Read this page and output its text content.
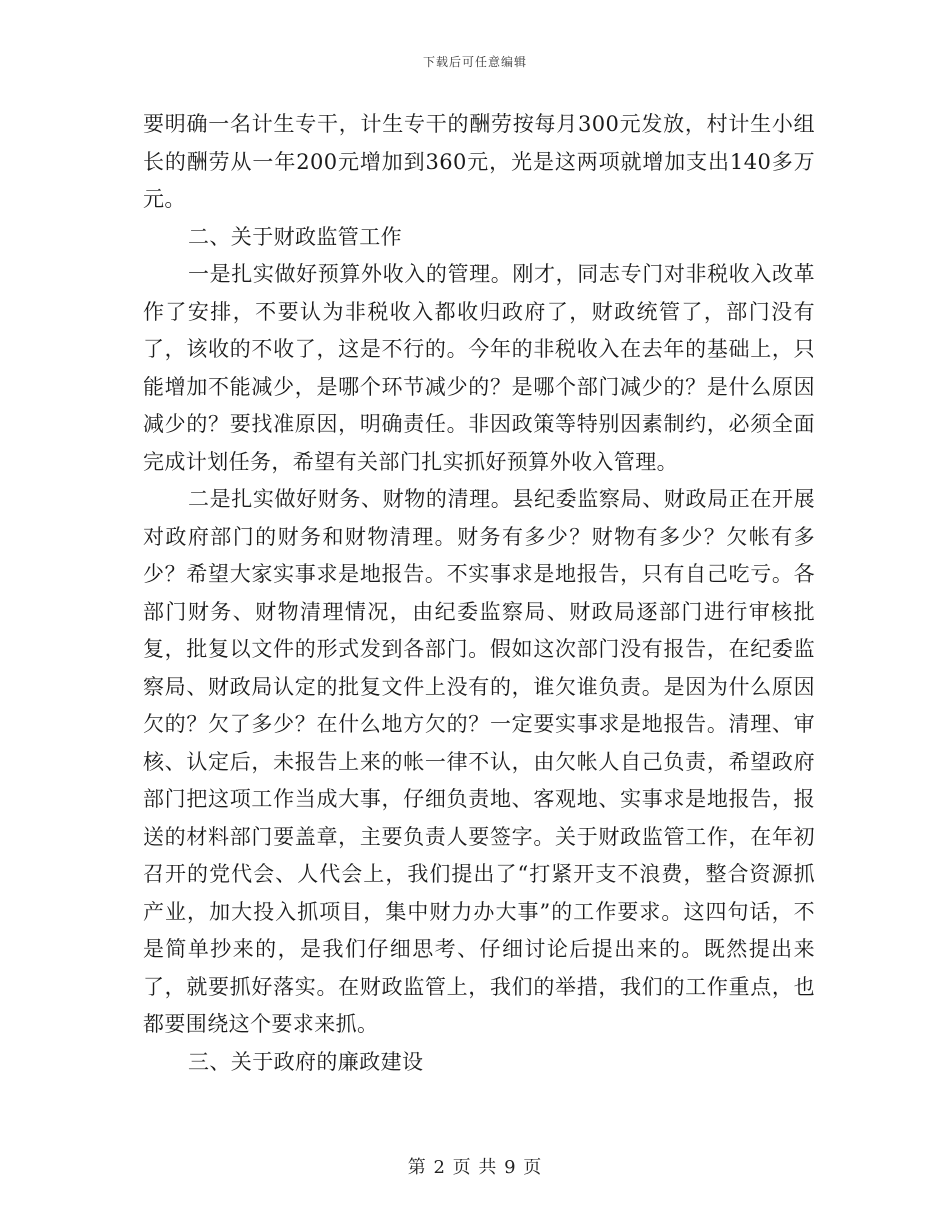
下载后可任意编辑

要明确一名计生专干，计生专干的酬劳按每月300元发放，村计生小组长的酬劳从一年200元增加到360元，光是这两项就增加支出140多万元。

二、关于财政监管工作

一是扎实做好预算外收入的管理。刚才，同志专门对非税收入改革作了安排，不要认为非税收入都收归政府了，财政统管了，部门没有了，该收的不收了，这是不行的。今年的非税收入在去年的基础上，只能增加不能减少，是哪个环节减少的？是哪个部门减少的？是什么原因减少的？要找准原因，明确责任。非因政策等特别因素制约，必须全面完成计划任务，希望有关部门扎实抓好预算外收入管理。

二是扎实做好财务、财物的清理。县纪委监察局、财政局正在开展对政府部门的财务和财物清理。财务有多少？财物有多少？欠帐有多少？希望大家实事求是地报告。不实事求是地报告，只有自己吃亏。各部门财务、财物清理情况，由纪委监察局、财政局逐部门进行审核批复，批复以文件的形式发到各部门。假如这次部门没有报告，在纪委监察局、财政局认定的批复文件上没有的，谁欠谁负责。是因为什么原因欠的？欠了多少？在什么地方欠的？一定要实事求是地报告。清理、审核、认定后，未报告上来的帐一律不认，由欠帐人自己负责，希望政府部门把这项工作当成大事，仔细负责地、客观地、实事求是地报告，报送的材料部门要盖章，主要负责人要签字。关于财政监管工作，在年初召开的党代会、人代会上，我们提出了“打紧开支不浪费，整合资源抓产业，加大投入抓项目，集中财力办大事”的工作要求。这四句话，不是简单抄来的，是我们仔细思考、仔细讨论后提出来的。既然提出来了，就要抓好落实。在财政监管上，我们的举措，我们的工作重点，也都要围绕这个要求来抓。

三、关于政府的廉政建设

第 2 页 共 9 页
